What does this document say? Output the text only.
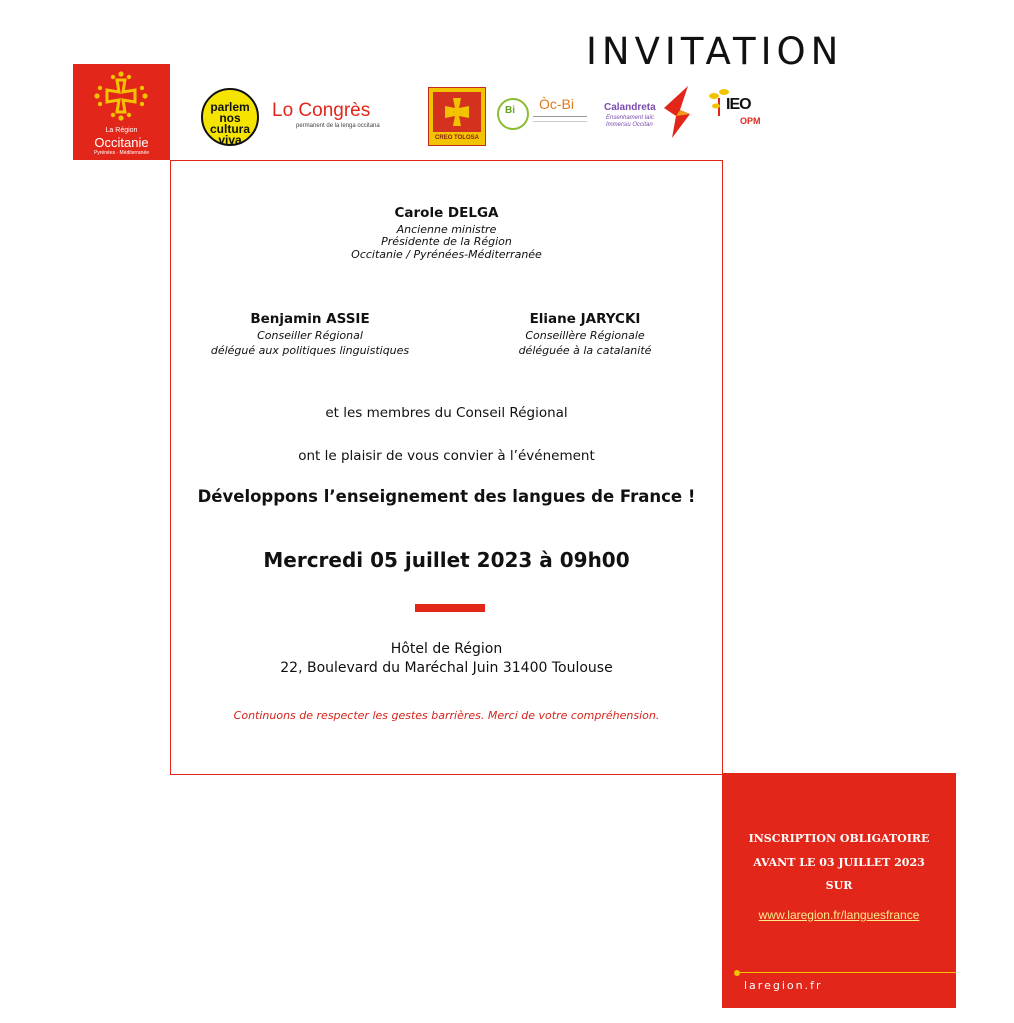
INVITATION
La Région
Occitanie
Pyrénées · Méditerranée
parlem nos cultura viva
Lo Congrès
permanent de la lenga occitana
CREO TOLOSA
Bi Òc-Bi	Calandreta
Ensenhament laïc
Immersiu Occitan
IEO
OPM
Carole DELGA
Ancienne ministre
Présidente de la Région
Occitanie / Pyrénées-Méditerranée
Benjamin ASSIE
Conseiller Régional
délégué aux politiques linguistiques
Eliane JARYCKI
Conseillère Régionale
déléguée à la catalanité
et les membres du Conseil Régional
ont le plaisir de vous convier à l’événement
Développons l’enseignement des langues de France !
Mercredi 05 juillet 2023 à 09h00
Hôtel de Région
22, Boulevard du Maréchal Juin 31400 Toulouse
Continuons de respecter les gestes barrières. Merci de votre compréhension.
INSCRIPTION OBLIGATOIRE
AVANT LE 03 JUILLET 2023
SUR
www.laregion.fr/languesfrance
laregion.fr
